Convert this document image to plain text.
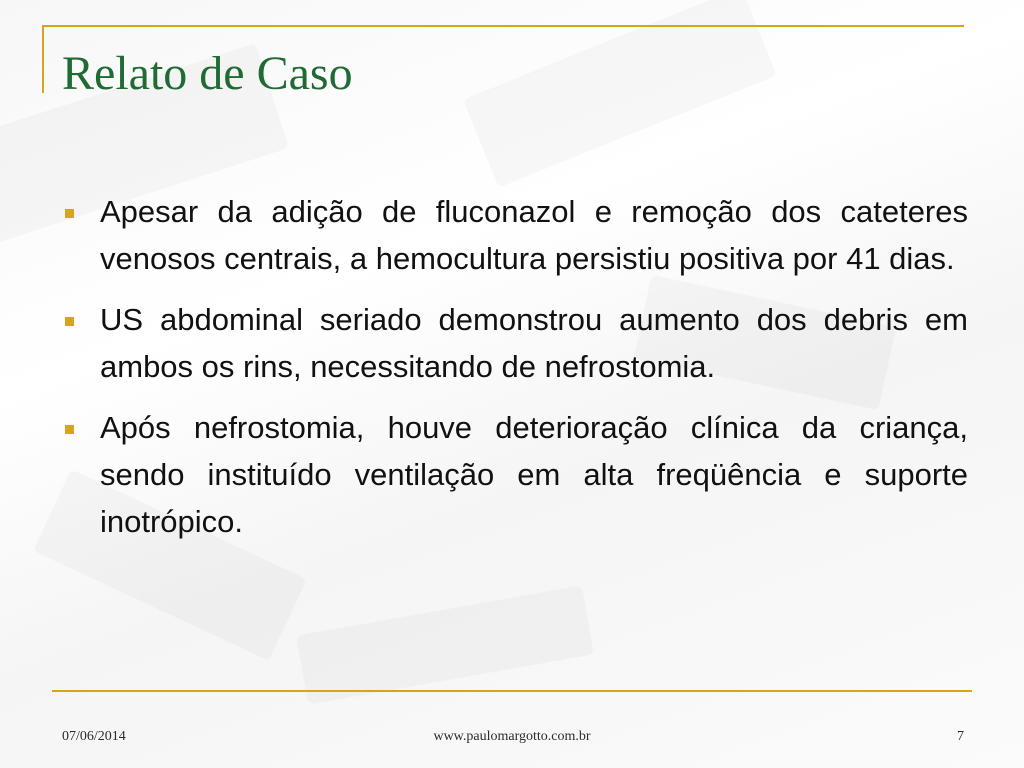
Relato de Caso
Apesar da adição de fluconazol e remoção dos cateteres venosos centrais, a hemocultura persistiu positiva por 41 dias.
US abdominal seriado demonstrou aumento dos debris em ambos os rins, necessitando de nefrostomia.
Após nefrostomia, houve deterioração clínica da criança, sendo instituído ventilação em alta freqüência e suporte inotrópico.
07/06/2014	www.paulomargotto.com.br	7
